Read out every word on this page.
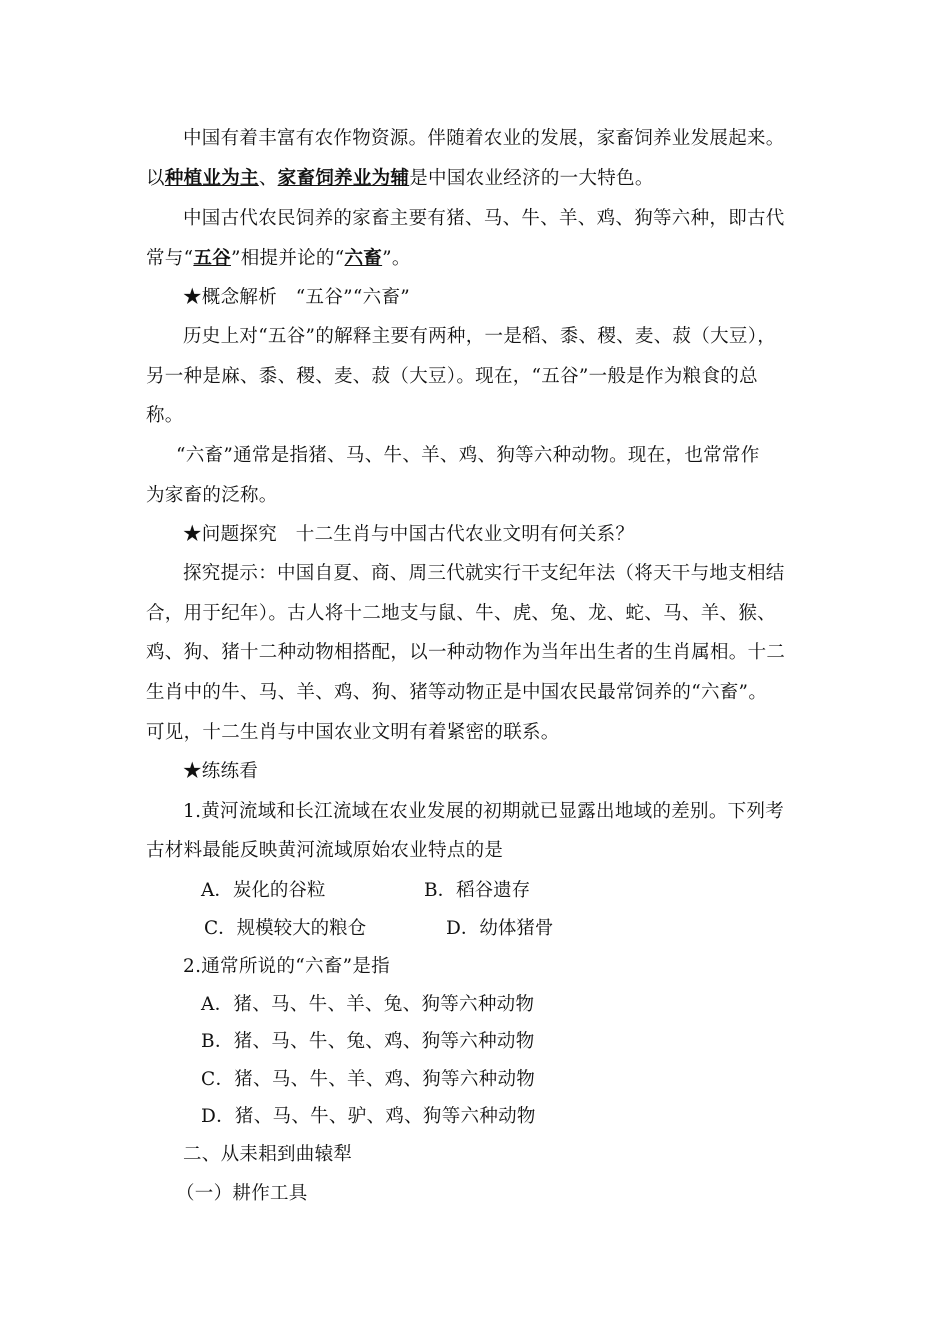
中国有着丰富有农作物资源。伴随着农业的发展，家畜饲养业发展起来。
以种植业为主、家畜饲养业为辅是中国农业经济的一大特色。
中国古代农民饲养的家畜主要有猪、马、牛、羊、鸡、狗等六种，即古代
常与“五谷”相提并论的“六畜”。
★概念解析　“五谷”“六畜”
历史上对“五谷”的解释主要有两种，一是稻、黍、稷、麦、菽（大豆），
另一种是麻、黍、稷、麦、菽（大豆）。现在，“五谷”一般是作为粮食的总
称。
“六畜”通常是指猪、马、牛、羊、鸡、狗等六种动物。现在，也常常作
为家畜的泛称。
★问题探究　十二生肖与中国古代农业文明有何关系？
探究提示：中国自夏、商、周三代就实行干支纪年法（将天干与地支相结
合，用于纪年）。古人将十二地支与鼠、牛、虎、兔、龙、蛇、马、羊、猴、
鸡、狗、猪十二种动物相搭配，以一种动物作为当年出生者的生肖属相。十二
生肖中的牛、马、羊、鸡、狗、猪等动物正是中国农民最常饲养的“六畜”。
可见，十二生肖与中国农业文明有着紧密的联系。
★练练看
1.黄河流域和长江流域在农业发展的初期就已显露出地域的差别。下列考
古材料最能反映黄河流域原始农业特点的是
A．炭化的谷粒	B．稻谷遗存
C．规模较大的粮仓	D．幼体猪骨
2.通常所说的“六畜”是指
A．猪、马、牛、羊、兔、狗等六种动物
B．猪、马、牛、兔、鸡、狗等六种动物
C．猪、马、牛、羊、鸡、狗等六种动物
D．猪、马、牛、驴、鸡、狗等六种动物
二、从耒耜到曲辕犁
（一）耕作工具
